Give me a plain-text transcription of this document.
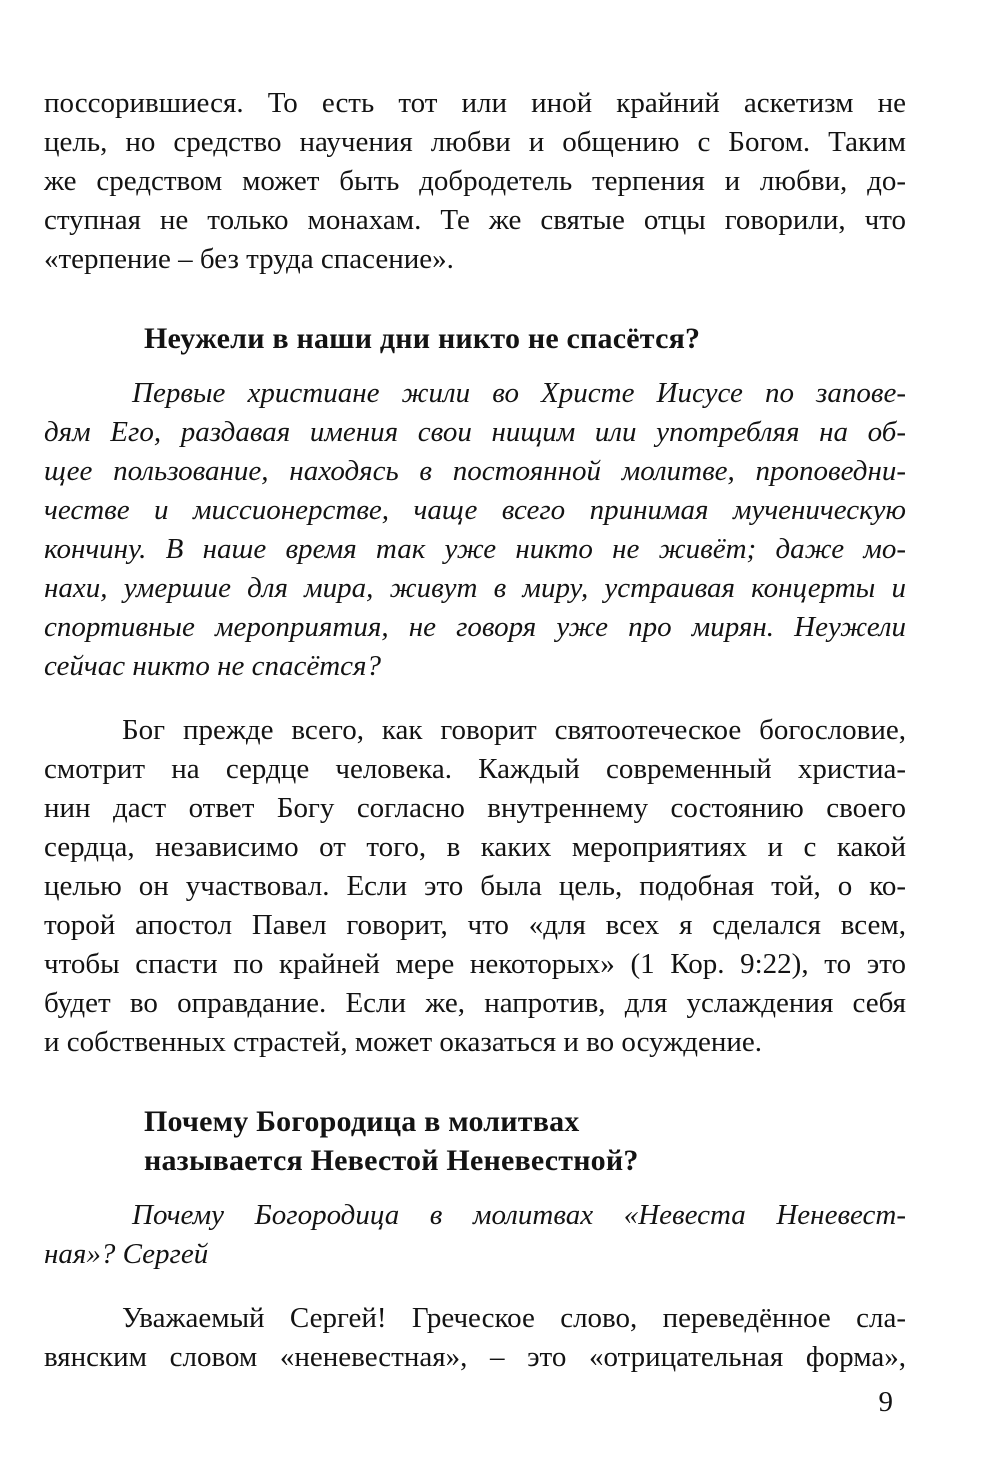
поссорившиеся. То есть тот или иной крайний аскетизм не
цель, но средство научения любви и общению с Богом. Таким
же средством может быть добродетель терпения и любви, до-
ступная не только монахам. Те же святые отцы говорили, что
«терпение – без труда спасение».
Неужели в наши дни никто не спасётся?
Первые христиане жили во Христе Иисусе по запове-
дям Его, раздавая имения свои нищим или употребляя на об-
щее пользование, находясь в постоянной молитве, проповедни-
честве и миссионерстве, чаще всего принимая мученическую
кончину. В наше время так уже никто не живёт; даже мо-
нахи, умершие для мира, живут в миру, устраивая концерты и
спортивные мероприятия, не говоря уже про мирян. Неужели
сейчас никто не спасётся?
Бог прежде всего, как говорит святоотеческое богословие,
смотрит на сердце человека. Каждый современный христиа-
нин даст ответ Богу согласно внутреннему состоянию своего
сердца, независимо от того, в каких мероприятиях и с какой
целью он участвовал. Если это была цель, подобная той, о ко-
торой апостол Павел говорит, что «для всех я сделался всем,
чтобы спасти по крайней мере некоторых» (1 Кор. 9:22), то это
будет во оправдание. Если же, напротив, для услаждения себя
и собственных страстей, может оказаться и во осуждение.
Почему Богородица в молитвах
называется Невестой Неневестной?
Почему Богородица в молитвах «Невеста Неневест-
ная»? Сергей
Уважаемый Сергей! Греческое слово, переведённое сла-
вянским словом «неневестная», – это «отрицательная форма»,
9
